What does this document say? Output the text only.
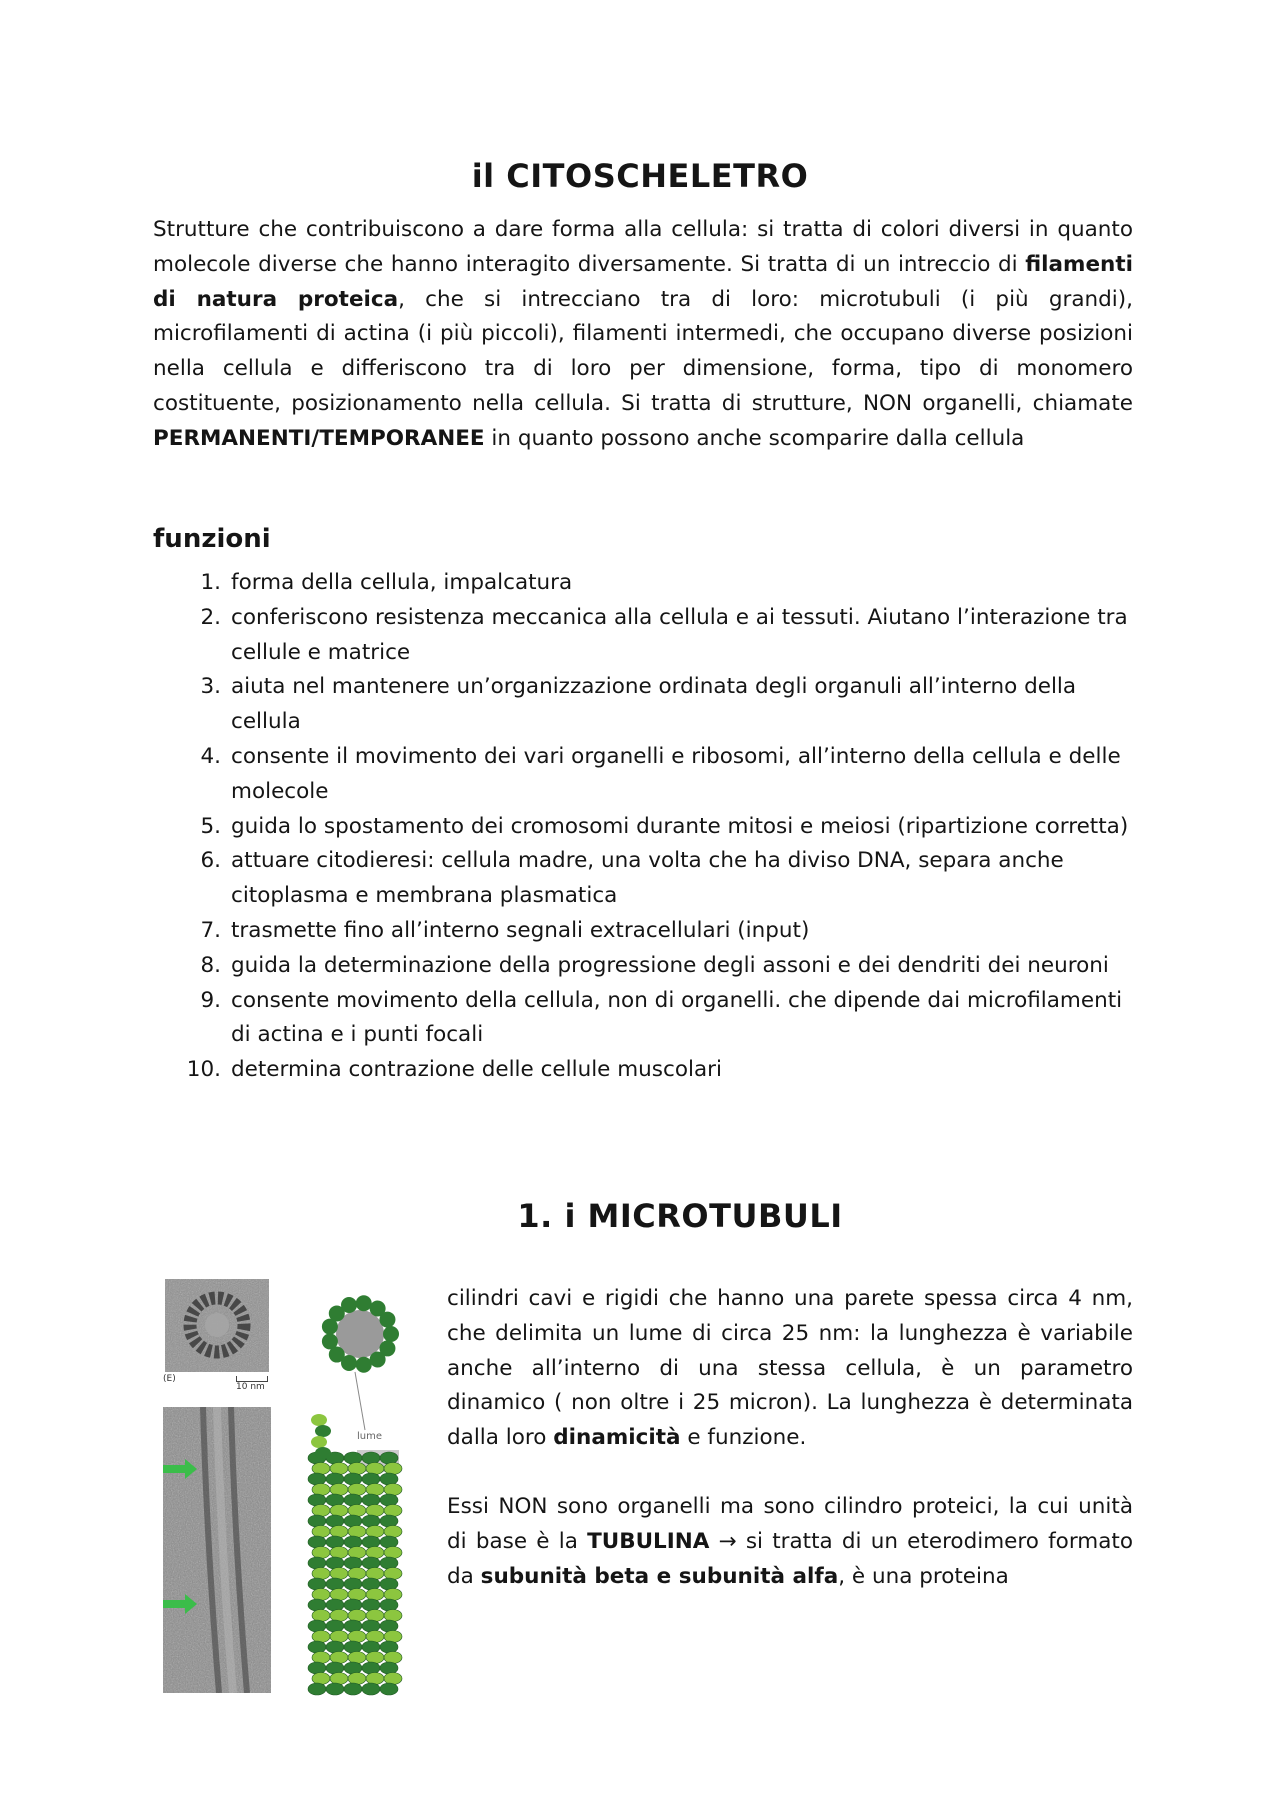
il CITOSCHELETRO

Strutture che contribuiscono a dare forma alla cellula: si tratta di colori diversi in quanto molecole diverse che hanno interagito diversamente. Si tratta di un intreccio di filamenti di natura proteica, che si intrecciano tra di loro: microtubuli (i più grandi), microfilamenti di actina (i più piccoli), filamenti intermedi, che occupano diverse posizioni nella cellula e differiscono tra di loro per dimensione, forma, tipo di monomero costituente, posizionamento nella cellula. Si tratta di strutture, NON organelli, chiamate PERMANENTI/TEMPORANEE in quanto possono anche scomparire dalla cellula

funzioni
1. forma della cellula, impalcatura
2. conferiscono resistenza meccanica alla cellula e ai tessuti. Aiutano l’interazione tra cellule e matrice
3. aiuta nel mantenere un’organizzazione ordinata degli organuli all’interno della cellula
4. consente il movimento dei vari organelli e ribosomi, all’interno della cellula e delle molecole
5. guida lo spostamento dei cromosomi durante mitosi e meiosi (ripartizione corretta)
6. attuare citodieresi: cellula madre, una volta che ha diviso DNA, separa anche citoplasma e membrana plasmatica
7. trasmette fino all’interno segnali extracellulari (input)
8. guida la determinazione della progressione degli assoni e dei dendriti dei neuroni
9. consente movimento della cellula, non di organelli. che dipende dai microfilamenti di actina e i punti focali
10. determina contrazione delle cellule muscolari
1. i MICROTUBULI
(E)
10 nm
lume

cilindri cavi e rigidi che hanno una parete spessa circa 4 nm, che delimita un lume di circa 25 nm: la lunghezza è variabile anche all’interno di una stessa cellula, è un parametro dinamico ( non oltre i 25 micron). La lunghezza è determinata dalla loro dinamicità e funzione.

Essi NON sono organelli ma sono cilindro proteici, la cui unità di base è la TUBULINA → si tratta di un eterodimero formato da subunità beta e subunità alfa, è una proteina
